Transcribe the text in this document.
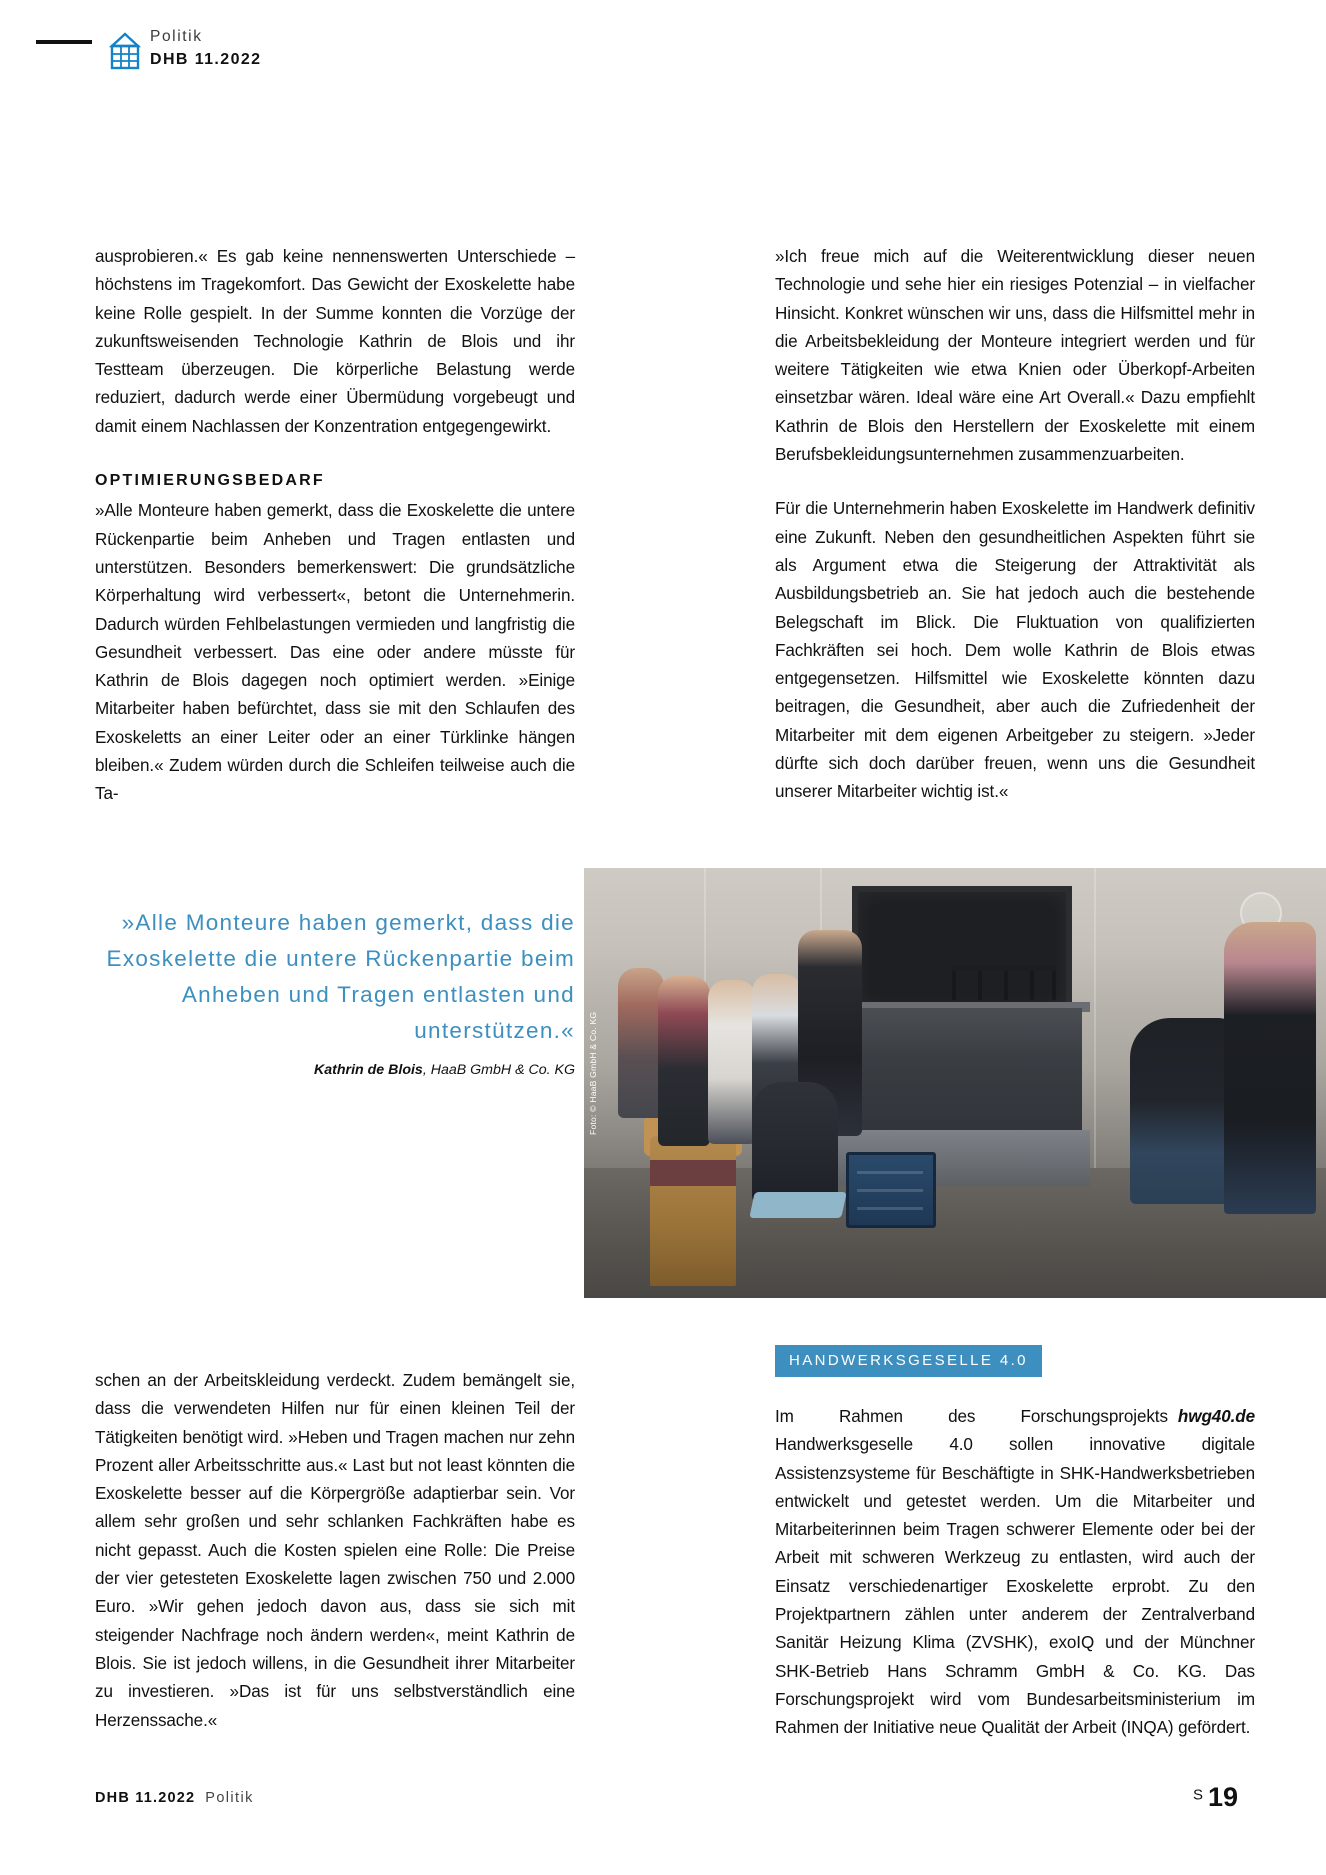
Politik
DHB 11.2022

ausprobieren.« Es gab keine nennenswerten Unterschiede – höchstens im Tragekomfort. Das Gewicht der Exoskelette habe keine Rolle gespielt. In der Summe konnten die Vorzüge der zukunftsweisenden Technologie Kathrin de Blois und ihr Testteam überzeugen. Die körperliche Belastung werde reduziert, dadurch werde einer Übermüdung vorgebeugt und damit einem Nachlassen der Konzentration entgegengewirkt.

OPTIMIERUNGSBEDARF

»Alle Monteure haben gemerkt, dass die Exoskelette die untere Rückenpartie beim Anheben und Tragen entlasten und unterstützen. Besonders bemerkenswert: Die grundsätzliche Körperhaltung wird verbessert«, betont die Unternehmerin. Dadurch würden Fehlbelastungen vermieden und langfristig die Gesundheit verbessert. Das eine oder andere müsste für Kathrin de Blois dagegen noch optimiert werden. »Einige Mitarbeiter haben befürchtet, dass sie mit den Schlaufen des Exoskeletts an einer Leiter oder an einer Türklinke hängen bleiben.« Zudem würden durch die Schleifen teilweise auch die Ta-

»Ich freue mich auf die Weiterentwicklung dieser neuen Technologie und sehe hier ein riesiges Potenzial – in vielfacher Hinsicht. Konkret wünschen wir uns, dass die Hilfsmittel mehr in die Arbeitsbekleidung der Monteure integriert werden und für weitere Tätigkeiten wie etwa Knien oder Überkopf-Arbeiten einsetzbar wären. Ideal wäre eine Art Overall.« Dazu empfiehlt Kathrin de Blois den Herstellern der Exoskelette mit einem Berufsbekleidungsunternehmen zusammenzuarbeiten.

Für die Unternehmerin haben Exoskelette im Handwerk definitiv eine Zukunft. Neben den gesundheitlichen Aspekten führt sie als Argument etwa die Steigerung der Attraktivität als Ausbildungsbetrieb an. Sie hat jedoch auch die bestehende Belegschaft im Blick. Die Fluktuation von qualifizierten Fachkräften sei hoch. Dem wolle Kathrin de Blois etwas entgegensetzen. Hilfsmittel wie Exoskelette könnten dazu beitragen, die Gesundheit, aber auch die Zufriedenheit der Mitarbeiter mit dem eigenen Arbeitgeber zu steigern. »Jeder dürfte sich doch darüber freuen, wenn uns die Gesundheit unserer Mitarbeiter wichtig ist.«

»Alle Monteure haben gemerkt, dass die Exoskelette die untere Rückenpartie beim Anheben und Tragen entlasten und unterstützen.«
Kathrin de Blois, HaaB GmbH & Co. KG Foto: © HaaB GmbH & Co. KG

schen an der Arbeitskleidung verdeckt. Zudem bemängelt sie, dass die verwendeten Hilfen nur für einen kleinen Teil der Tätigkeiten benötigt wird. »Heben und Tragen machen nur zehn Prozent aller Arbeitsschritte aus.« Last but not least könnten die Exoskelette besser auf die Körpergröße adaptierbar sein. Vor allem sehr großen und sehr schlanken Fachkräften habe es nicht gepasst. Auch die Kosten spielen eine Rolle: Die Preise der vier getesteten Exoskelette lagen zwischen 750 und 2.000 Euro. »Wir gehen jedoch davon aus, dass sie sich mit steigender Nachfrage noch ändern werden«, meint Kathrin de Blois. Sie ist jedoch willens, in die Gesundheit ihrer Mitarbeiter zu investieren. »Das ist für uns selbstverständlich eine Herzenssache.«

HANDWERKSGESELLE 4.0
hwg40.de
Im Rahmen des Forschungsprojekts Handwerksgeselle 4.0 sollen innovative digitale Assistenzsysteme für Beschäftigte in SHK-Handwerksbetrieben entwickelt und getestet werden. Um die Mitarbeiter und Mitarbeiterinnen beim Tragen schwerer Elemente oder bei der Arbeit mit schweren Werkzeug zu entlasten, wird auch der Einsatz verschiedenartiger Exoskelette erprobt. Zu den Projektpartnern zählen unter anderem der Zentralverband Sanitär Heizung Klima (ZVSHK), exoIQ und der Münchner SHK-Betrieb Hans Schramm GmbH & Co. KG. Das Forschungsprojekt wird vom Bundesarbeitsministerium im Rahmen der Initiative neue Qualität der Arbeit (INQA) gefördert.
DHB 11.2022 Politik	S 19
